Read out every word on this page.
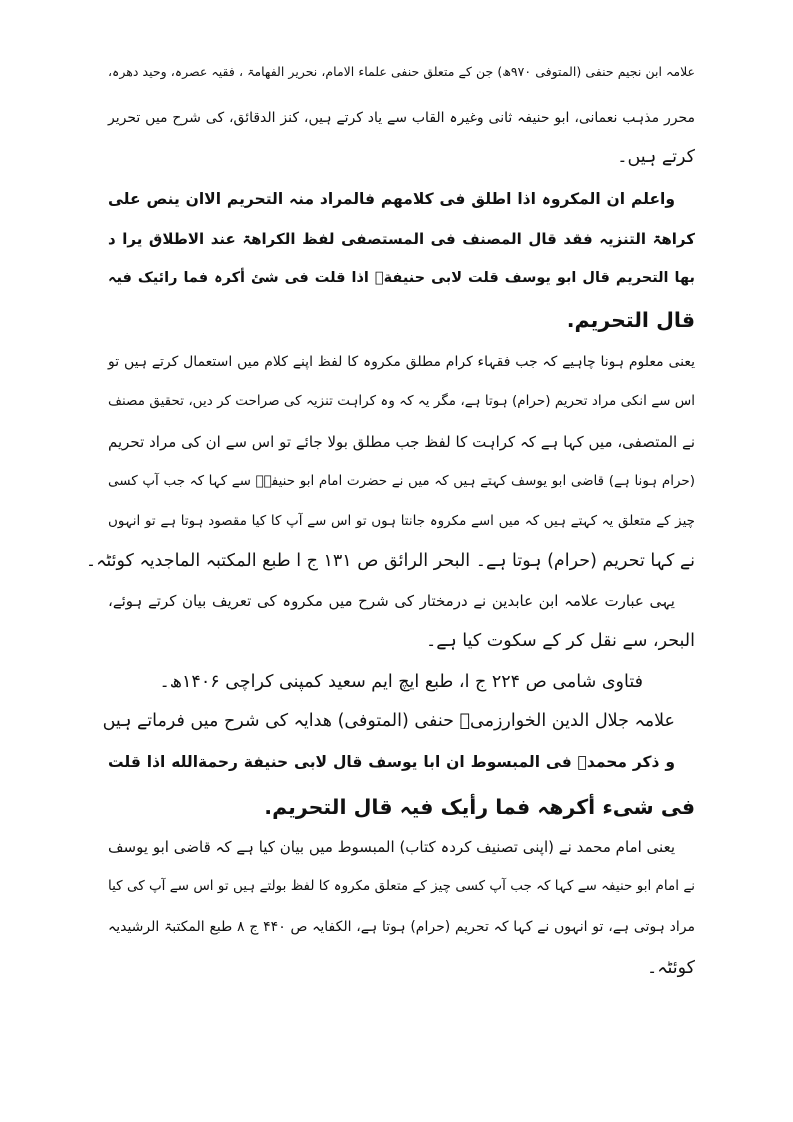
علامہ ابن نجیم حنفی (المتوفی ۹۷۰ھ) جن کے متعلق حنفی علماء الامام، نحریر الفھامۃ ، فقیہ عصرہ، وحید دھرہ،
محرر مذہب نعمانی، ابو حنیفہ ثانی وغیرہ القاب سے یاد کرتے ہیں، کنز الدقائق، کی شرح میں تحریر
کرتے ہیں۔
واعلم ان المکروہ اذا اطلق فی کلامھم فالمراد منہ التحریم الاان ینص علی
کراھۃ التنزیہ فقد قال المصنف فی المستصفی لفظ الکراھۃ عند الاطلاق یرا د
بھا التحریم قال ابو یوسف قلت لابی حنیفةؒ اذا قلت فی شئ أکرہ فما رائیک فیہ
قال التحریم.
یعنی معلوم ہونا چاہیے کہ جب فقہاء کرام مطلق مکروہ کا لفظ اپنے کلام میں استعمال کرتے ہیں تو
اس سے انکی مراد تحریم (حرام) ہوتا ہے، مگر یہ کہ وہ کراہت تنزیہ کی صراحت کر دیں، تحقیق مصنف
نے المتصفی، میں کہا ہے کہ کراہت کا لفظ جب مطلق بولا جائے تو اس سے ان کی مراد تحریم
(حرام ہونا ہے) قاضی ابو یوسف کہتے ہیں کہ میں نے حضرت امام ابو حنیفہؒ سے کہا کہ جب آپ کسی
چیز کے متعلق یہ کہتے ہیں کہ میں اسے مکروہ جانتا ہوں تو اس سے آپ کا کیا مقصود ہوتا ہے تو انہوں
نے کہا تحریم (حرام) ہوتا ہے۔ البحر الرائق ص ۱۳۱ ج ا طبع المکتبہ الماجدیہ کوئٹہ۔
یہی عبارت علامہ ابن عابدین نے درمختار کی شرح میں مکروہ کی تعریف بیان کرتے ہوئے،
البحر، سے نقل کر کے سکوت کیا ہے۔
فتاوی شامی ص ۲۲۴ ج ا، طبع ایچ ایم سعید کمپنی کراچی ۱۴۰۶ھ۔
علامہ جلال الدین الخوارزمیؒ حنفی (المتوفی) ھدایہ کی شرح میں فرماتے ہیں
و ذکر محمدؒ فی المبسوط ان ابا یوسف قال لابی حنیفة رحمةالله اذا قلت
فی شیء أکرھہ فما رأیک فیہ قال التحریم.
یعنی امام محمد نے (اپنی تصنیف کردہ کتاب) المبسوط میں بیان کیا ہے کہ قاضی ابو یوسف
نے امام ابو حنیفہ سے کہا کہ جب آپ کسی چیز کے متعلق مکروہ کا لفظ بولتے ہیں تو اس سے آپ کی کیا
مراد ہوتی ہے، تو انہوں نے کہا کہ تحریم (حرام) ہوتا ہے، الکفایہ ص ۴۴۰ ج ۸ طبع المکتبۃ الرشیدیہ
کوئٹہ۔
